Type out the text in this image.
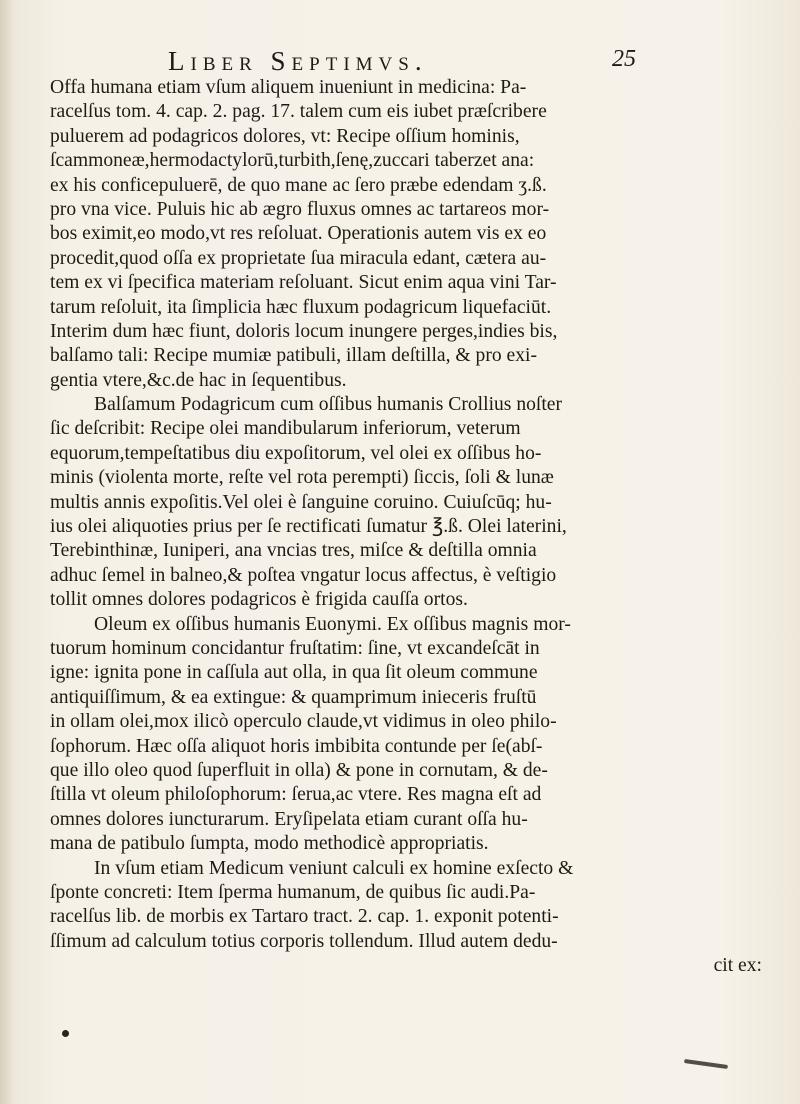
Liber Septimvs.	25
Offa humana etiam vſum aliquem inueniunt in medicina: Pa-
racelſus tom. 4. cap. 2. pag. 17. talem cum eis iubet præſcribere
puluerem ad podagricos dolores, vt: Recipe oſſium hominis,
ſcammoneæ,hermodactylorū,turbith,ſenę,zuccari taberzet ana:
ex his conficepuluerē, de quo mane ac ſero præbe edendam ʒ.ß.
pro vna vice. Puluis hic ab ægro fluxus omnes ac tartareos mor-
bos eximit,eo modo,vt res reſoluat. Operationis autem vis ex eo
procedit,quod oſſa ex proprietate ſua miracula edant, cætera au-
tem ex vi ſpecifica materiam reſoluant. Sicut enim aqua vini Tar-
tarum reſoluit, ita ſimplicia hæc fluxum podagricum liquefaciūt.
Interim dum hæc fiunt, doloris locum inungere perges,indies bis,
balſamo tali: Recipe mumiæ patibuli, illam deſtilla, & pro exi-
gentia vtere,&c.de hac in ſequentibus.
Balſamum Podagricum cum oſſibus humanis Crollius noſter
ſic deſcribit: Recipe olei mandibularum inferiorum, veterum
equorum,tempeſtatibus diu expoſitorum, vel olei ex oſſibus ho-
minis (violenta morte, reſte vel rota perempti) ſiccis, ſoli & lunæ
multis annis expoſitis.Vel olei è ſanguine coruino. Cuiuſcūq; hu-
ius olei aliquoties prius per ſe rectificati ſumatur ℥.ß. Olei laterini,
Terebinthinæ, Iuniperi, ana vncias tres, miſce & deſtilla omnia
adhuc ſemel in balneo,& poſtea vngatur locus affectus, è veſtigio
tollit omnes dolores podagricos è frigida cauſſa ortos.
Oleum ex oſſibus humanis Euonymi. Ex oſſibus magnis mor-
tuorum hominum concidantur fruſtatim: ſine, vt excandeſcāt in
igne: ignita pone in caſſula aut olla, in qua ſit oleum commune
antiquiſſimum, & ea extingue: & quamprimum inieceris fruſtū
in ollam olei,mox ilicò operculo claude,vt vidimus in oleo philo-
ſophorum. Hæc oſſa aliquot horis imbibita contunde per ſe(abſ-
que illo oleo quod ſuperfluit in olla) & pone in cornutam, & de-
ſtilla vt oleum philoſophorum: ſerua,ac vtere. Res magna eſt ad
omnes dolores iuncturarum. Eryſipelata etiam curant oſſa hu-
mana de patibulo ſumpta, modo methodicè appropriatis.
In vſum etiam Medicum veniunt calculi ex homine exſecto &
ſponte concreti: Item ſperma humanum, de quibus ſic audi.Pa-
racelſus lib. de morbis ex Tartaro tract. 2. cap. 1. exponit potenti-
ſſimum ad calculum totius corporis tollendum. Illud autem dedu-
cit ex:
